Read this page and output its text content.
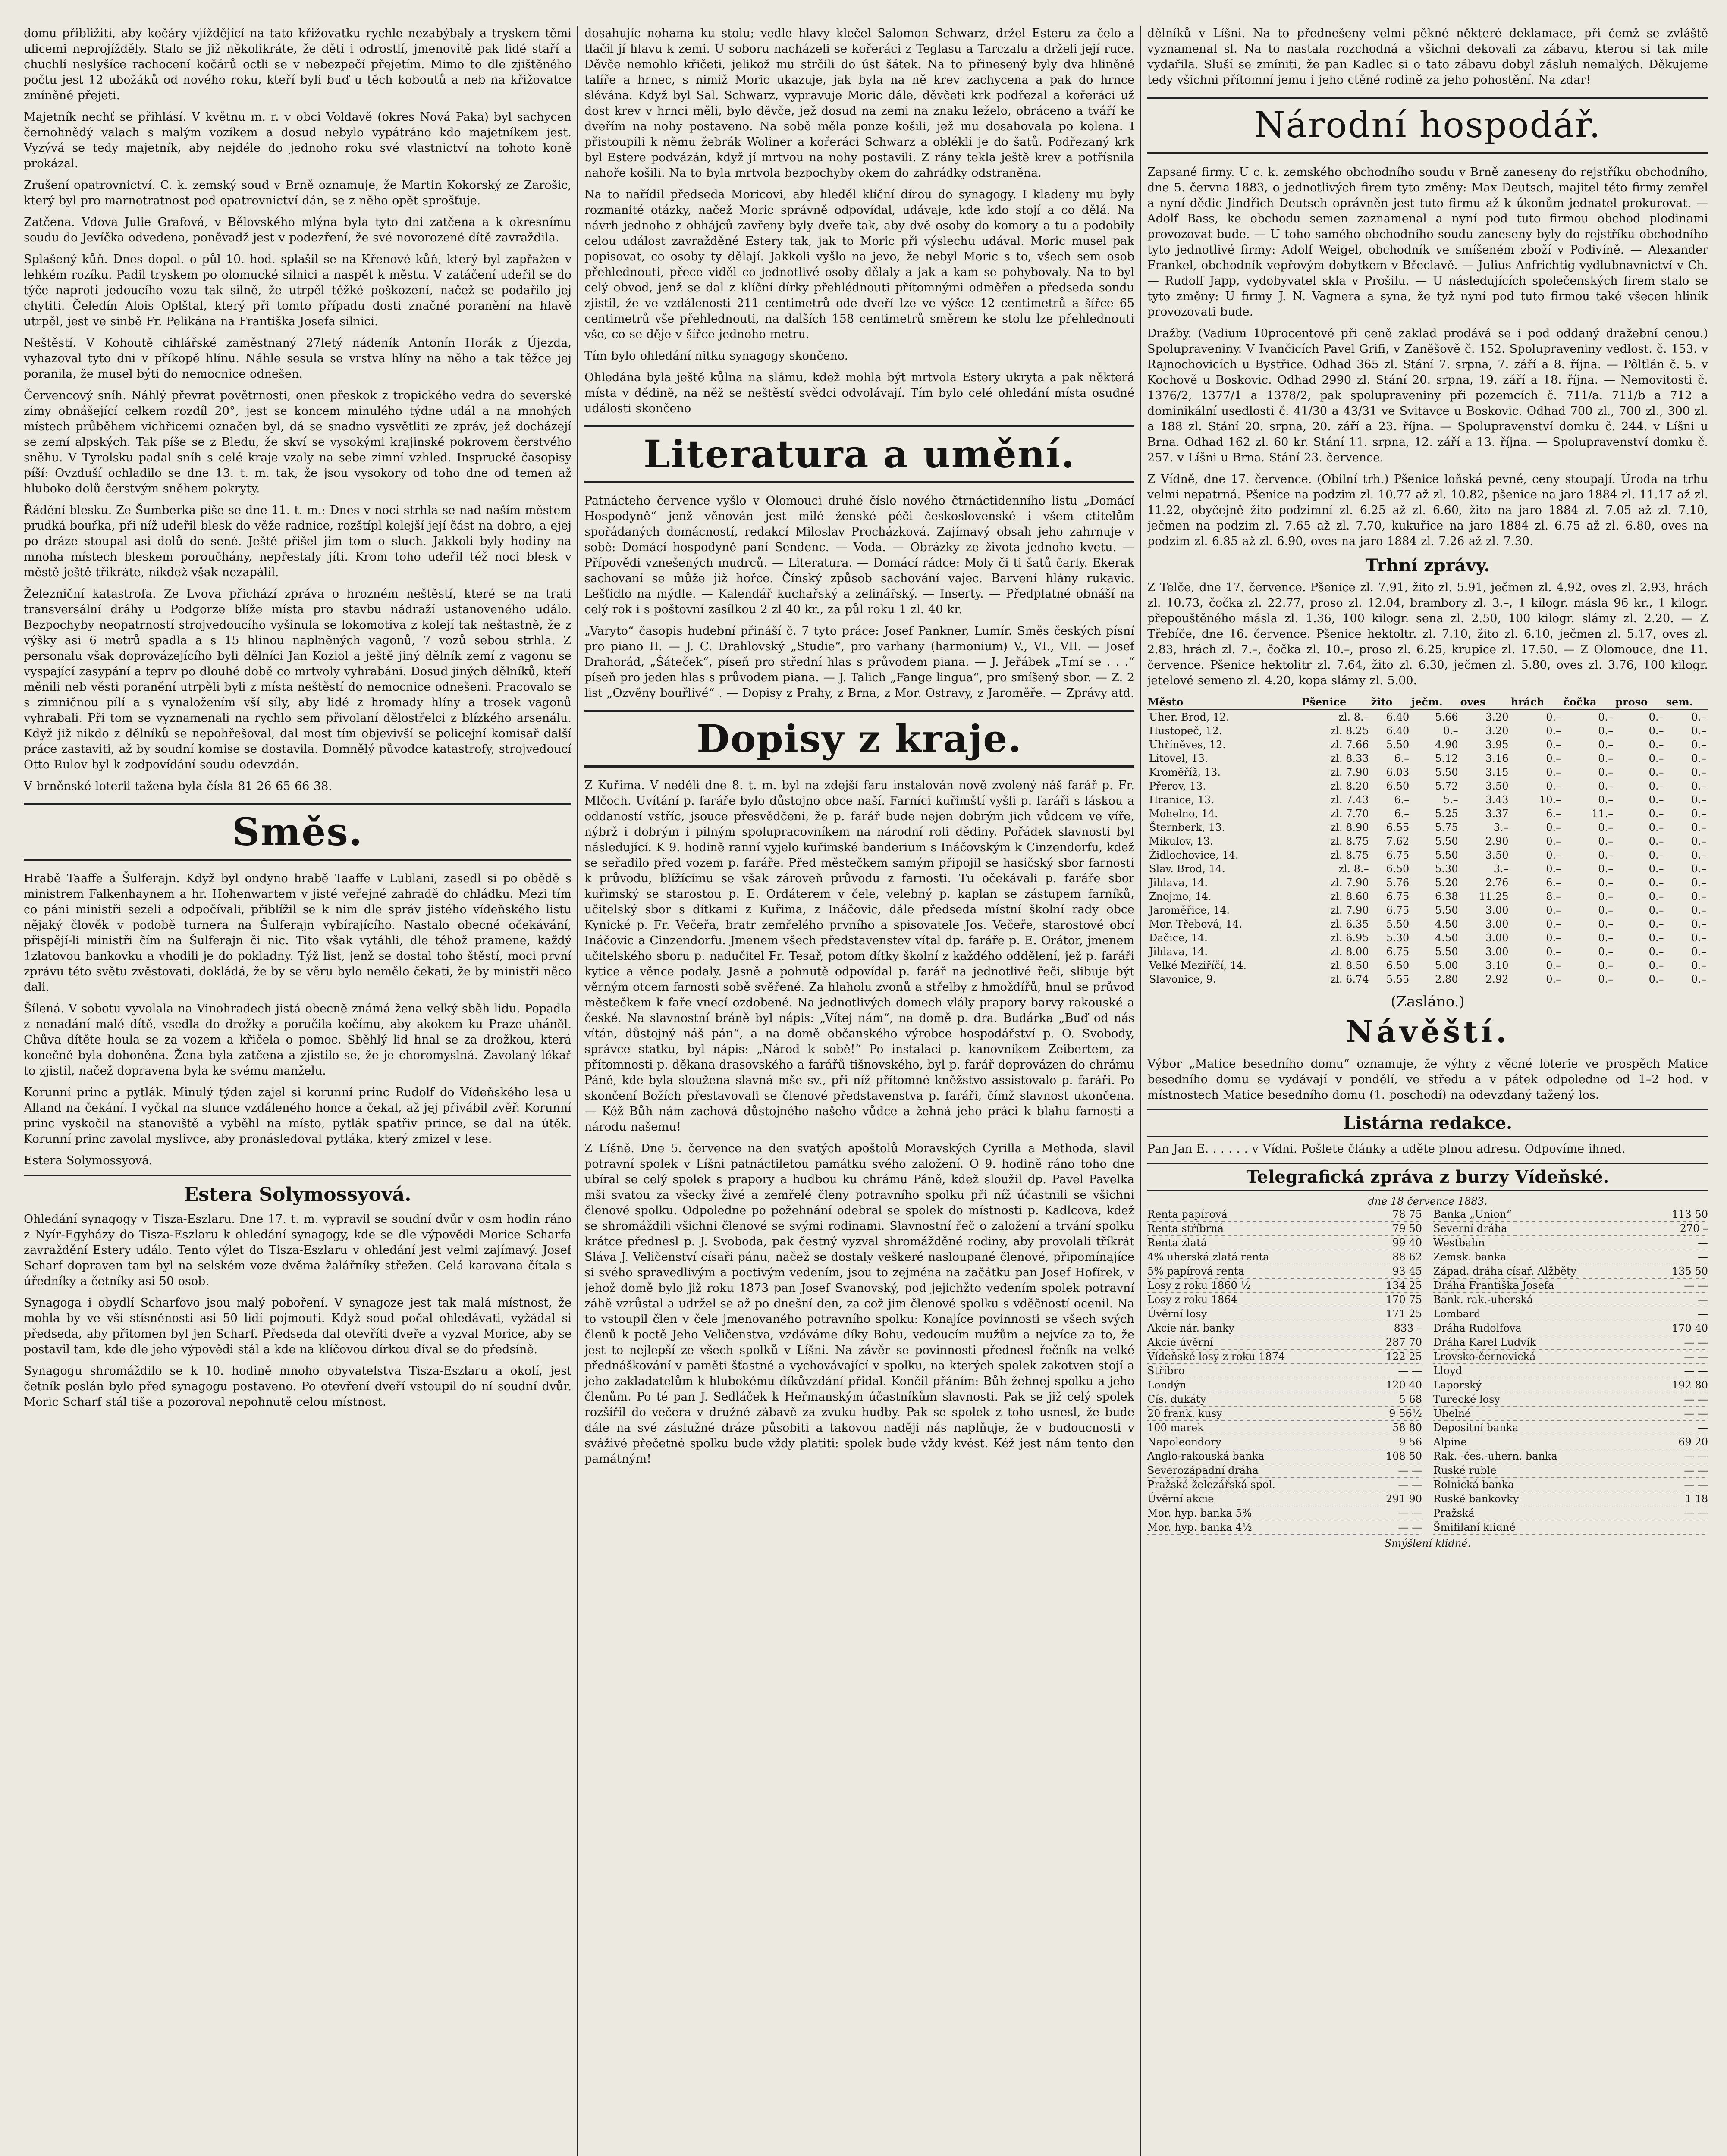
domu přibližiti, aby kočáry vjíždějící na tato křižovatku rychle nezabýbaly a tryskem těmi ulicemi neprojížděly. Stalo se již několikráte, že děti i odrostlí, jmenovitě pak lidé staří a chuchlí neslyšíce rachocení kočárů octli se v nebezpečí přejetím. Mimo to dle zjištěného počtu jest 12 ubožáků od nového roku, kteří byli buď u těch koboutů a neb na křižovatce zmíněné přejeti.

Majetník nechť se přihlásí. V květnu m. r. v obci Voldavě (okres Nová Paka) byl sachycen černohnědý valach s malým vozíkem a dosud nebylo vypátráno kdo majetníkem jest. Vyzývá se tedy majetník, aby nejdéle do jednoho roku své vlastnictví na tohoto koně prokázal.

Zrušení opatrovnictví. C. k. zemský soud v Brně oznamuje, že Martin Kokorský ze Zarošic, který byl pro marnotratnost pod opatrovnictví dán, se z něho opět sprošťuje.

Zatčena. Vdova Julie Grafová, v Bělovského mlýna byla tyto dni zatčena a k okresnímu soudu do Jevíčka odvedena, poněvadž jest v podezření, že své novorozené dítě zavraždila.

Splašený kůň. Dnes dopol. o půl 10. hod. splašil se na Křenové kůň, který byl zapřažen v lehkém rozíku. Padil tryskem po olomucké silnici a naspět k městu. V zatáčení udeřil se do týče naproti jedoucího vozu tak silně, že utrpěl těžké poškození, načež se podařilo jej chytiti. Čeledín Alois Oplštal, který při tomto případu dosti značné poranění na hlavě utrpěl, jest ve sinbě Fr. Pelikána na Františka Josefa silnici.

Neštěstí. V Kohoutě cihlářské zaměstnaný 27letý nádeník Antonín Horák z Újezda, vyhazoval tyto dni v příkopě hlínu. Náhle sesula se vrstva hlíny na něho a tak těžce jej poranila, že musel býti do nemocnice odnešen.

Červencový sníh. Náhlý převrat povětrnosti, onen přeskok z tropického vedra do severské zimy obnášející celkem rozdíl 20°, jest se koncem minulého týdne udál a na mnohých místech průběhem vichřicemi označen byl, dá se snadno vysvětliti ze zpráv, jež docházejí se zemí alpských. Tak píše se z Bledu, že skví se vysokými krajinské pokrovem čerstvého sněhu. V Tyrolsku padal sníh s celé kraje vzaly na sebe zimní vzhled. Insprucké časopisy píší: Ovzduší ochladilo se dne 13. t. m. tak, že jsou vysokory od toho dne od temen až hluboko dolů čerstvým sněhem pokryty.

Řádění blesku. Ze Šumberka píše se dne 11. t. m.: Dnes v noci strhla se nad naším městem prudká bouřka, při níž udeřil blesk do věže radnice, rozštípl kolejší její část na dobro, a ejej po dráze stoupal asi dolů do sené. Ještě přišel jim tom o sluch. Jakkoli byly hodiny na mnoha místech bleskem poroučhány, nepřestaly jíti. Krom toho udeřil též noci blesk v městě ještě třikráte, nikdež však nezapálil.

Železniční katastrofa. Ze Lvova přichází zpráva o hrozném neštěstí, které se na trati transversální dráhy u Podgorze blíže místa pro stavbu nádraží ustanoveného událo. Bezpochyby neopatrností strojvedoucího vyšinula se lokomotiva z kolejí tak neštastně, že z výšky asi 6 metrů spadla a s 15 hlinou naplněných vagonů, 7 vozů sebou strhla. Z personalu však doprovázejícího byli dělníci Jan Koziol a ještě jiný dělník zemí z vagonu se vyspající zasypání a teprv po dlouhé době co mrtvoly vyhrabáni. Dosud jiných dělníků, kteří měnili neb věsti poranění utrpěli byli z místa neštěstí do nemocnice odnešeni. Pracovalo se s zimničnou pílí a s vynaložením vší síly, aby lidé z hromady hlíny a trosek vagonů vyhrabali. Při tom se vyznamenali na rychlo sem přivolaní dělostřelci z blízkého arsenálu. Když již nikdo z dělníků se nepohřešoval, dal most tím objevivší se policejní komisař další práce zastaviti, až by soudní komise se dostavila. Domnělý původce katastrofy, strojvedoucí Otto Rulov byl k zodpovídání soudu odevzdán.

V brněnské loterii tažena byla čísla 81 26 65 66 38.

Směs.

Hrabě Taaffe a Šulferajn. Když byl ondyno hrabě Taaffe v Lublani, zasedl si po obědě s ministrem Falkenhaynem a hr. Hohenwartem v jisté veřejné zahradě do chládku. Mezi tím co páni ministři sezeli a odpočívali, přiblížil se k nim dle správ jistého vídeňského listu nějaký člověk v podobě turnera na Šulferajn vybírajícího. Nastalo obecné očekávání, přispějí-li ministři čím na Šulferajn či nic. Tito však vytáhli, dle téhož pramene, každý 1zlatovou bankovku a vhodili je do pokladny. Týž list, jenž se dostal toho štěstí, moci první zprávu této světu zvěstovati, dokládá, že by se věru bylo nemělo čekati, že by ministři něco dali.

Šílená. V sobotu vyvolala na Vinohradech jistá obecně známá žena velký sběh lidu. Popadla z nenadání malé dítě, vsedla do drožky a poručila kočímu, aby akokem ku Praze uháněl. Chůva dítěte houla se za vozem a křičela o pomoc. Sběhlý lid hnal se za drožkou, která konečně byla dohoněna. Žena byla zatčena a zjistilo se, že je choromyslná. Zavolaný lékař to zjistil, načež dopravena byla ke svému manželu.

Korunní princ a pytlák. Minulý týden zajel si korunní princ Rudolf do Vídeňského lesa u Alland na čekání. I vyčkal na slunce vzdáleného honce a čekal, až jej přivábil zvěř. Korunní princ vyskočil na stanoviště a vyběhl na místo, pytlák spatřiv prince, se dal na útěk. Korunní princ zavolal myslivce, aby pronásledoval pytláka, který zmizel v lese.

Estera Solymossyová.

Estera Solymossyová.

Ohledání synagogy v Tisza-Eszlaru. Dne 17. t. m. vypravil se soudní dvůr v osm hodin ráno z Nyír-Egyházy do Tisza-Eszlaru k ohledání synagogy, kde se dle výpovědi Morice Scharfa zavraždění Estery událo. Tento výlet do Tisza-Eszlaru v ohledání jest velmi zajímavý. Josef Scharf dopraven tam byl na selském voze dvěma žalářníky střežen. Celá karavana čítala s úředníky a četníky asi 50 osob.

Synagoga i obydlí Scharfovo jsou malý poboření. V synagoze jest tak malá místnost, že mohla by ve vší stísněnosti asi 50 lidí pojmouti. Když soud počal ohledávati, vyžádal si předseda, aby přitomen byl jen Scharf. Předseda dal otevříti dveře a vyzval Morice, aby se postavil tam, kde dle jeho výpovědi stál a kde na klíčovou dírkou díval se do předsíně.

Synagogu shromáždilo se k 10. hodině mnoho obyvatelstva Tisza-Eszlaru a okolí, jest četník poslán bylo před synagogu postaveno. Po otevření dveří vstoupil do ní soudní dvůr. Moric Scharf stál tiše a pozoroval nepohnutě celou místnost.

dosahujíc nohama ku stolu; vedle hlavy klečel Salomon Schwarz, držel Esteru za čelo a tlačil jí hlavu k zemi. U soboru nacházeli se kořeráci z Teglasu a Tarczalu a drželi její ruce. Děvče nemohlo křičeti, jelikož mu strčili do úst šátek. Na to přinesený byly dva hliněné talíře a hrnec, s nimiž Moric ukazuje, jak byla na ně krev zachycena a pak do hrnce slévána. Když byl Sal. Schwarz, vypravuje Moric dále, děvčeti krk podřezal a kořeráci už dost krev v hrnci měli, bylo děvče, jež dosud na zemi na znaku leželo, obráceno a tváří ke dveřím na nohy postaveno. Na sobě měla ponze košili, jež mu dosahovala po kolena. I přistoupili k němu žebrák Woliner a kořeráci Schwarz a oblékli je do šatů. Podřezaný krk byl Estere podvázán, když jí mrtvou na nohy postavili. Z rány tekla ještě krev a potřísnila nahoře košili. Na to byla mrtvola bezpochyby okem do zahrádky odstraněna.

Na to nařídil předseda Moricovi, aby hleděl klíční dírou do synagogy. I kladeny mu byly rozmanité otázky, načež Moric správně odpovídal, udávaje, kde kdo stojí a co dělá. Na návrh jednoho z obhájců zavřeny byly dveře tak, aby dvě osoby do komory a tu a podobily celou událost zavražděné Estery tak, jak to Moric při výslechu udával. Moric musel pak popisovat, co osoby ty dělají. Jakkoli vyšlo na jevo, že nebyl Moric s to, všech sem osob přehlednouti, přece viděl co jednotlivé osoby dělaly a jak a kam se pohybovaly. Na to byl celý obvod, jenž se dal z klíční dírky přehlédnouti přítomnými odměřen a předseda sondu zjistil, že ve vzdálenosti 211 centimetrů ode dveří lze ve výšce 12 centimetrů a šířce 65 centimetrů vše přehlednouti, na dalších 158 centimetrů směrem ke stolu lze přehlednouti vše, co se děje v šířce jednoho metru.

Tím bylo ohledání nitku synagogy skončeno.

Ohledána byla ještě kůlna na slámu, kdež mohla být mrtvola Estery ukryta a pak některá místa v dědině, na něž se neštěstí svědci odvolávají. Tím bylo celé ohledání místa osudné události skončeno

Literatura a umění.

Patnácteho července vyšlo v Olomouci druhé číslo nového čtrnáctidenního listu „Domácí Hospodyně“ jenž věnován jest milé ženské péči československé i všem ctitelům spořádaných domácností, redakcí Miloslav Procházková. Zajímavý obsah jeho zahrnuje v sobě: Domácí hospodyně paní Sendenc. — Voda. — Obrázky ze života jednoho kvetu. — Přípovědi vznešených mudrců. — Literatura. — Domácí rádce: Moly či ti šatů čarly. Ekerak sachovaní se může již hořce. Čínský způsob sachování vajec. Barvení hlány rukavic. Lešťidlo na mýdle. — Kalendář kuchařský a zelinářský. — Inserty. — Předplatné obnáší na celý rok i s poštovní zasílkou 2 zl 40 kr., za půl roku 1 zl. 40 kr.

„Varyto“ časopis hudební přináší č. 7 tyto práce: Josef Pankner, Lumír. Směs českých písní pro piano II. — J. C. Drahlovský „Studie“, pro varhany (harmonium) V., VI., VII. — Josef Drahorád, „Šáteček“, píseň pro střední hlas s průvodem piana. — J. Jeřábek „Tmí se . . .“ píseň pro jeden hlas s průvodem piana. — J. Talich „Fange lingua“, pro smíšený sbor. — Z. 2 list „Ozvěny bouřlivé“ . — Dopisy z Prahy, z Brna, z Mor. Ostravy, z Jaroměře. — Zprávy atd.

Dopisy z kraje.

Z Kuřima. V neděli dne 8. t. m. byl na zdejší faru instalován nově zvolený náš farář p. Fr. Mlčoch. Uvítání p. faráře bylo důstojno obce naší. Farníci kuřimští vyšli p. faráři s láskou a oddaností vstříc, jsouce přesvědčeni, že p. farář bude nejen dobrým jich vůdcem ve víře, nýbrž i dobrým i pilným spolupracovníkem na národní roli dědiny. Pořádek slavnosti byl následující. K 9. hodině ranní vyjelo kuřimské banderium s Ináčovským k Cinzendorfu, kdež se seřadilo před vozem p. faráře. Před městečkem samým připojil se hasičský sbor farnosti k průvodu, blížícímu se však zároveň průvodu z farnosti. Tu očekávali p. faráře sbor kuřimský se starostou p. E. Ordáterem v čele, velebný p. kaplan se zástupem farníků, učitelský sbor s dítkami z Kuřima, z Ináčovic, dále předseda místní školní rady obce Kynické p. Fr. Večeřa, bratr zemřelého prvního a spisovatele Jos. Večeře, starostové obcí Ináčovic a Cinzendorfu. Jmenem všech představenstev vítal dp. faráře p. E. Orátor, jmenem učitelského sboru p. nadučitel Fr. Tesař, potom dítky školní z každého oddělení, jež p. faráři kytice a věnce podaly. Jasně a pohnutě odpovídal p. farář na jednotlivé řeči, slibuje být věrným otcem farnosti sobě svěřené. Za hlaholu zvonů a střelby z hmoždířů, hnul se průvod městečkem k faře vnecí ozdobené. Na jednotlivých domech vlály prapory barvy rakouské a české. Na slavnostní bráně byl nápis: „Vítej nám“, na domě p. dra. Budárka „Buď od nás vítán, důstojný náš pán“, a na domě občanského výrobce hospodářství p. O. Svobody, správce statku, byl nápis: „Národ k sobě!“ Po instalaci p. kanovníkem Zeibertem, za přítomnosti p. děkana drasovského a farářů tišnovského, byl p. farář doprovázen do chrámu Páně, kde byla sloužena slavná mše sv., při níž přítomné kněžstvo assistovalo p. faráři. Po skončení Božích přestavovali se členové představenstva p. faráři, čímž slavnost ukončena. — Kéž Bůh nám zachová důstojného našeho vůdce a žehná jeho práci k blahu farnosti a národu našemu!

Z Líšně. Dne 5. července na den svatých apoštolů Moravských Cyrilla a Methoda, slavil potravní spolek v Líšni patnáctiletou památku svého založení. O 9. hodině ráno toho dne ubíral se celý spolek s prapory a hudbou ku chrámu Páně, kdež sloužil dp. Pavel Pavelka mši svatou za všecky živé a zemřelé členy potravního spolku při níž účastnili se všichni členové spolku. Odpoledne po požehnání odebral se spolek do místnosti p. Kadlcova, kdež se shromáždili všichni členové se svými rodinami. Slavnostní řeč o založení a trvání spolku krátce přednesl p. J. Svoboda, pak čestný vyzval shromážděné rodiny, aby provolali tříkrát Sláva J. Veličenství císaři pánu, načež se dostaly veškeré nasloupané členové, připomínajíce si svého spravedlivým a poctivým vedením, jsou to zejména na začátku pan Josef Hofírek, v jehož domě bylo již roku 1873 pan Josef Svanovský, pod jejichžto vedením spolek potravní záhě vzrůstal a udržel se až po dnešní den, za což jim členové spolku s vděčností ocenil. Na to vstoupil člen v čele jmenovaného potravního spolku: Konajíce povinnosti se všech svých členů k poctě Jeho Veličenstva, vzdáváme díky Bohu, vedoucím mužům a nejvíce za to, že jest to nejlepší ze všech spolků v Líšni. Na závěr se povinnosti přednesl řečník na velké přednáškování v paměti šťastné a vychovávající v spolku, na kterých spolek zakotven stojí a jeho zakladatelům k hlubokému díkůvzdání přidal. Končil přáním: Bůh žehnej spolku a jeho členům. Po té pan J. Sedláček k Heřmanským účastníkům slavnosti. Pak se již celý spolek rozšířil do večera v družné zábavě za zvuku hudby. Pak se spolek z toho usnesl, že bude dále na své záslužné dráze působiti a takovou naději nás naplňuje, že v budoucnosti v sváživé přečetné spolku bude vždy platiti: spolek bude vždy kvést. Kéž jest nám tento den památným!

dělníků v Líšni. Na to přednešeny velmi pěkné některé deklamace, při čemž se zvláště vyznamenal sl. Na to nastala rozchodná a všichni dekovali za zábavu, kterou si tak mile vydařila. Sluší se zmíniti, že pan Kadlec si o tato zábavu dobyl zásluh nemalých. Děkujeme tedy všichni přítomní jemu i jeho ctěné rodině za jeho pohostění. Na zdar!

Národní hospodář.

Zapsané firmy. U c. k. zemského obchodního soudu v Brně zaneseny do rejstříku obchodního, dne 5. června 1883, o jednotlivých firem tyto změny: Max Deutsch, majitel této firmy zemřel a nyní dědic Jindřich Deutsch oprávněn jest tuto firmu až k úkonům jednatel prokurovat. — Adolf Bass, ke obchodu semen zaznamenal a nyní pod tuto firmou obchod plodinami provozovat bude. — U toho samého obchodního soudu zaneseny byly do rejstříku obchodního tyto jednotlivé firmy: Adolf Weigel, obchodník ve smíšeném zboží v Podivíně. — Alexander Frankel, obchodník vepřovým dobytkem v Břeclavě. — Julius Anfrichtig vydlubnavnictví v Ch. — Rudolf Japp, vydobyvatel skla v Prošilu. — U následujících společenských firem stalo se tyto změny: U firmy J. N. Vagnera a syna, že tyž nyní pod tuto firmou také všecen hliník provozovati bude.

Dražby. (Vadium 10procentové při ceně zaklad prodává se i pod oddaný dražební cenou.) Spolupraveniny. V Ivančicích Pavel Grifi, v Zaněšově č. 152. Spolupraveniny vedlost. č. 153. v Rajnochovicích u Bystřice. Odhad 365 zl. Stání 7. srpna, 7. září a 8. října. — Pôltlán č. 5. v Kochově u Boskovic. Odhad 2990 zl. Stání 20. srpna, 19. září a 18. října. — Nemovitosti č. 1376/2, 1377/1 a 1378/2, pak spolupraveniny při pozemcích č. 711/a. 711/b a 712 a dominikální usedlosti č. 41/30 a 43/31 ve Svitavce u Boskovic. Odhad 700 zl., 700 zl., 300 zl. a 188 zl. Stání 20. srpna, 20. září a 23. října. — Spolupravenství domku č. 244. v Líšni u Brna. Odhad 162 zl. 60 kr. Stání 11. srpna, 12. září a 13. října. — Spolupravenství domku č. 257. v Líšni u Brna. Stání 23. července.

Z Vídně, dne 17. července. (Obilní trh.) Pšenice loňská pevné, ceny stoupají. Úroda na trhu velmi nepatrná. Pšenice na podzim zl. 10.77 až zl. 10.82, pšenice na jaro 1884 zl. 11.17 až zl. 11.22, obyčejně žito podzimní zl. 6.25 až zl. 6.60, žito na jaro 1884 zl. 7.05 až zl. 7.10, ječmen na podzim zl. 7.65 až zl. 7.70, kukuřice na jaro 1884 zl. 6.75 až zl. 6.80, oves na podzim zl. 6.85 až zl. 6.90, oves na jaro 1884 zl. 7.26 až zl. 7.30.

Trhní zprávy.

Z Telče, dne 17. července. Pšenice zl. 7.91, žito zl. 5.91, ječmen zl. 4.92, oves zl. 2.93, hrách zl. 10.73, čočka zl. 22.77, proso zl. 12.04, brambory zl. 3.–, 1 kilogr. másla 96 kr., 1 kilogr. přepouštěného másla zl. 1.36, 100 kilogr. sena zl. 2.50, 100 kilogr. slámy zl. 2.20. — Z Třebíče, dne 16. července. Pšenice hektoltr. zl. 7.10, žito zl. 6.10, ječmen zl. 5.17, oves zl. 2.83, hrách zl. 7.–, čočka zl. 10.–, proso zl. 6.25, krupice zl. 17.50. — Z Olomouce, dne 11. července. Pšenice hektolitr zl. 7.64, žito zl. 6.30, ječmen zl. 5.80, oves zl. 3.76, 100 kilogr. jetelové semeno zl. 4.20, kopa slámy zl. 5.00.

Město	Pšenice	žito	ječm.	oves	hrách	čočka	proso	sem.
Uher. Brod, 12.	zl. 8.–	6.40	5.66	3.20	0.–	0.–	0.–	0.–
Hustopeč, 12.	zl. 8.25	6.40	0.–	3.20	0.–	0.–	0.–	0.–
Uhříněves, 12.	zl. 7.66	5.50	4.90	3.95	0.–	0.–	0.–	0.–
Litovel, 13.	zl. 8.33	6.–	5.12	3.16	0.–	0.–	0.–	0.–
Kroměříž, 13.	zl. 7.90	6.03	5.50	3.15	0.–	0.–	0.–	0.–
Přerov, 13.	zl. 8.20	6.50	5.72	3.50	0.–	0.–	0.–	0.–
Hranice, 13.	zl. 7.43	6.–	5.–	3.43	10.–	0.–	0.–	0.–
Mohelno, 14.	zl. 7.70	6.–	5.25	3.37	6.–	11.–	0.–	0.–
Šternberk, 13.	zl. 8.90	6.55	5.75	3.–	0.–	0.–	0.–	0.–
Mikulov, 13.	zl. 8.75	7.62	5.50	2.90	0.–	0.–	0.–	0.–
Židlochovice, 14.	zl. 8.75	6.75	5.50	3.50	0.–	0.–	0.–	0.–
Slav. Brod, 14.	zl. 8.–	6.50	5.30	3.–	0.–	0.–	0.–	0.–
Jihlava, 14.	zl. 7.90	5.76	5.20	2.76	6.–	0.–	0.–	0.–
Znojmo, 14.	zl. 8.60	6.75	6.38	11.25	8.–	0.–	0.–	0.–
Jaroměřice, 14.	zl. 7.90	6.75	5.50	3.00	0.–	0.–	0.–	0.–
Mor. Třebová, 14.	zl. 6.35	5.50	4.50	3.00	0.–	0.–	0.–	0.–
Dačice, 14.	zl. 6.95	5.30	4.50	3.00	0.–	0.–	0.–	0.–
Jihlava, 14.	zl. 8.00	6.75	5.50	3.00	0.–	0.–	0.–	0.–
Velké Meziříčí, 14.	zl. 8.50	6.50	5.00	3.10	0.–	0.–	0.–	0.–
Slavonice, 9.	zl. 6.74	5.55	2.80	2.92	0.–	0.–	0.–	0.–
(Zasláno.)
Návěští.

Výbor „Matice besedního domu“ oznamuje, že výhry z věcné loterie ve prospěch Matice besedního domu se vydávají v pondělí, ve středu a v pátek odpoledne od 1–2 hod. v místnostech Matice besedního domu (1. poschodí) na odevzdaný tažený los.

Listárna redakce.

Pan Jan E. . . . . . v Vídni. Pošlete články a uděte plnou adresu. Odpovíme ihned.

Telegrafická zpráva z burzy Vídeňské.
dne 18 července 1883.
Renta papírová	78 75
Renta stříbrná	79 50
Renta zlatá	99 40
4% uherská zlatá renta	88 62
5% papírová renta	93 45
Losy z roku 1860 ½	134 25
Losy z roku 1864	170 75
Úvěrní losy	171 25
Akcie nár. banky	833 –
Akcie úvěrní	287 70
Vídeňské losy z roku 1874	122 25
Stříbro	— —
Londýn	120 40
Cís. dukáty	5 68
20 frank. kusy	9 56½
100 marek	58 80
Napoleondory	9 56
Anglo-rakouská banka	108 50
Severozápadní dráha	— —
Pražská železářská spol.	— —
Úvěrní akcie	291 90
Mor. hyp. banka 5%	— —
Mor. hyp. banka 4½	— —
Banka „Union“	113 50
Severní dráha	270 –
Westbahn	—
Zemsk. banka	—
Západ. dráha císař. Alžběty	135 50
Dráha Františka Josefa	— —
Bank. rak.-uherská	—
Lombard	—
Dráha Rudolfova	170 40
Dráha Karel Ludvík	— —
Lrovsko-černovická	— —
Lloyd	— —
Laporský	192 80
Turecké losy	— —
Uhelné	— —
Depositní banka	—
Alpine	69 20
Rak. -čes.-uhern. banka	— —
Ruské ruble	— —
Rolnická banka	— —
Ruské bankovky	1 18
Pražská	— —
Šmifilaní klidné
Smýšlení klidné.
